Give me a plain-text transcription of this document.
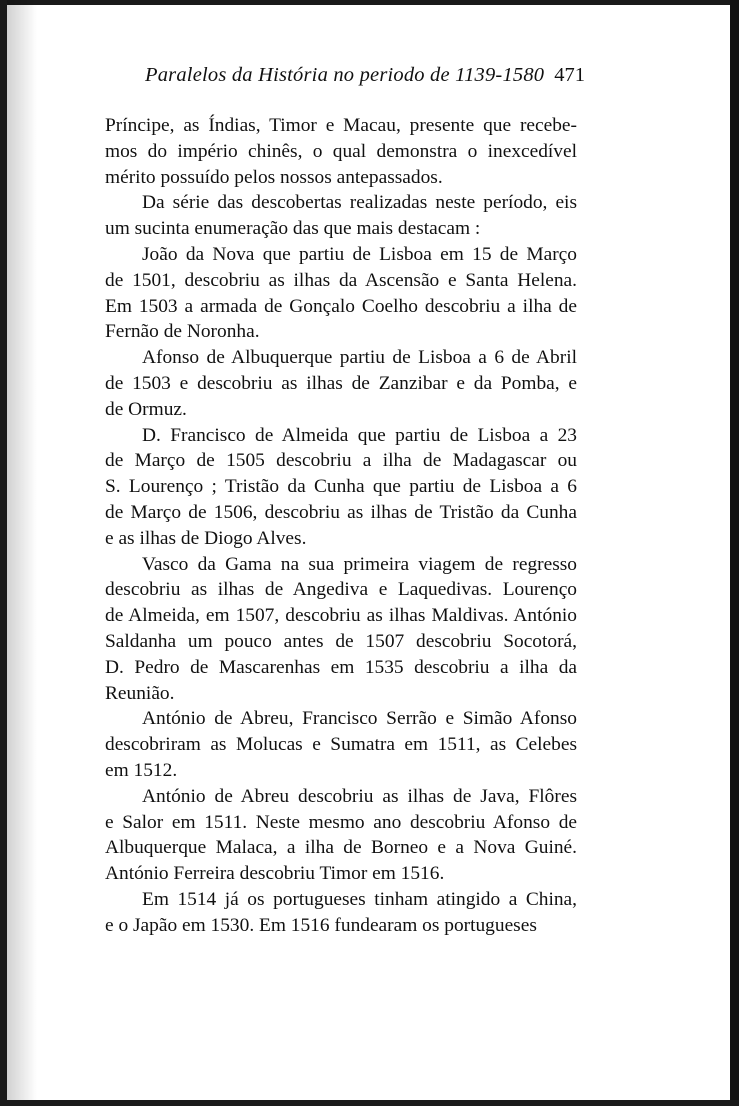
Paralelos da História no periodo de 1139-1580 471

Príncipe, as Índias, Timor e Macau, presente que recebe-
mos do império chinês, o qual demonstra o inexcedível
mérito possuído pelos nossos antepassados.

Da série das descobertas realizadas neste período, eis
um sucinta enumeração das que mais destacam :

João da Nova que partiu de Lisboa em 15 de Março
de 1501, descobriu as ilhas da Ascensão e Santa Helena.
Em 1503 a armada de Gonçalo Coelho descobriu a ilha de
Fernão de Noronha.

Afonso de Albuquerque partiu de Lisboa a 6 de Abril
de 1503 e descobriu as ilhas de Zanzibar e da Pomba, e
de Ormuz.

D. Francisco de Almeida que partiu de Lisboa a 23
de Março de 1505 descobriu a ilha de Madagascar ou
S. Lourenço ; Tristão da Cunha que partiu de Lisboa a 6
de Março de 1506, descobriu as ilhas de Tristão da Cunha
e as ilhas de Diogo Alves.

Vasco da Gama na sua primeira viagem de regresso
descobriu as ilhas de Angediva e Laquedivas. Lourenço
de Almeida, em 1507, descobriu as ilhas Maldivas. António
Saldanha um pouco antes de 1507 descobriu Socotorá,
D. Pedro de Mascarenhas em 1535 descobriu a ilha da
Reunião.

António de Abreu, Francisco Serrão e Simão Afonso
descobriram as Molucas e Sumatra em 1511, as Celebes
em 1512.

António de Abreu descobriu as ilhas de Java, Flôres
e Salor em 1511. Neste mesmo ano descobriu Afonso de
Albuquerque Malaca, a ilha de Borneo e a Nova Guiné.
António Ferreira descobriu Timor em 1516.

Em 1514 já os portugueses tinham atingido a China,
e o Japão em 1530. Em 1516 fundearam os portugueses
